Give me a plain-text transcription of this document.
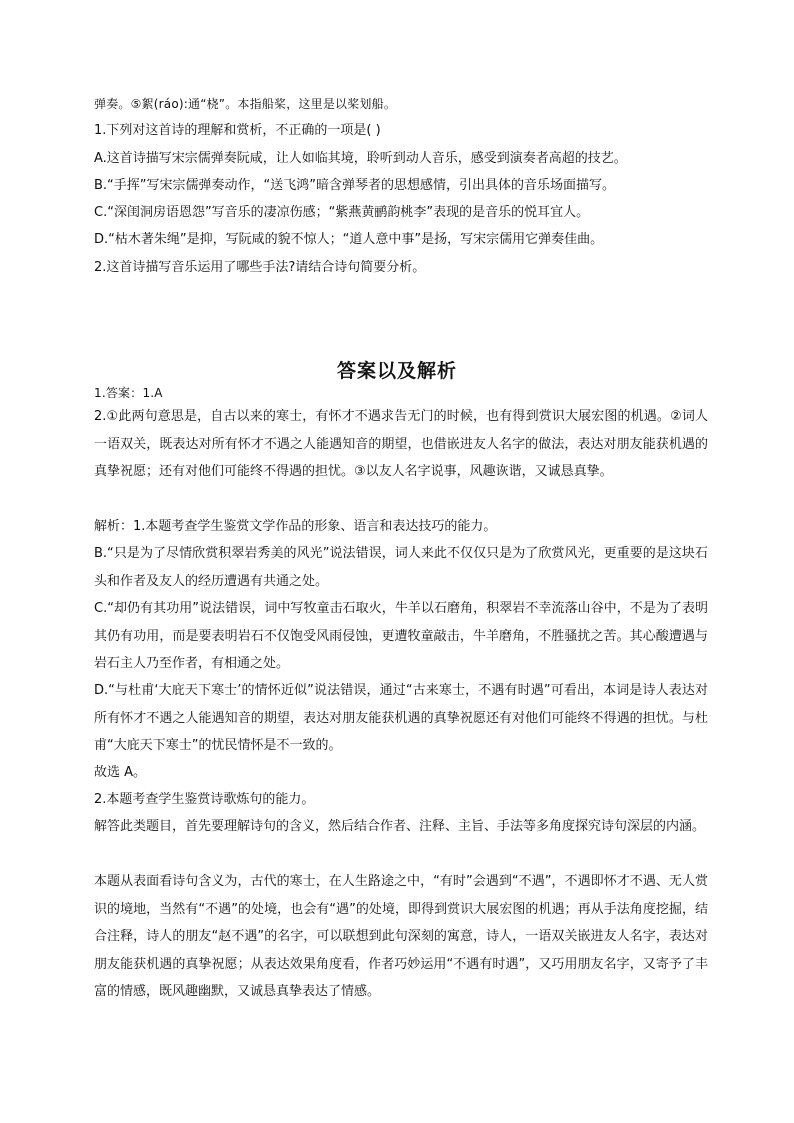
弹奏。⑤絮(ráo):通“桡”。本指船桨，这里是以桨划船。
1.下列对这首诗的理解和赏析，不正确的一项是( )
A.这首诗描写宋宗儒弹奏阮咸，让人如临其境，聆听到动人音乐，感受到演奏者高超的技艺。
B.“手挥”写宋宗儒弹奏动作，“送飞鸿”暗含弹琴者的思想感情，引出具体的音乐场面描写。
C.“深闺洞房语恩怨”写音乐的凄凉伤感；“紫燕黄鹂韵桃李”表现的是音乐的悦耳宜人。
D.“枯木著朱绳”是抑，写阮咸的貌不惊人；“道人意中事”是扬，写宋宗儒用它弹奏佳曲。
2.这首诗描写音乐运用了哪些手法?请结合诗句简要分析。
答案以及解析
1.答案：1.A
2.①此两句意思是，自古以来的寒士，有怀才不遇求告无门的时候，也有得到赏识大展宏图的机遇。②词人一语双关，既表达对所有怀才不遇之人能遇知音的期望，也借嵌进友人名字的做法，表达对朋友能获机遇的真挚祝愿；还有对他们可能终不得遇的担忧。③以友人名字说事，风趣诙谐，又诚恳真挚。
解析：1.本题考查学生鉴赏文学作品的形象、语言和表达技巧的能力。
B.“只是为了尽情欣赏积翠岩秀美的风光”说法错误，词人来此不仅仅只是为了欣赏风光，更重要的是这块石头和作者及友人的经历遭遇有共通之处。
C.“却仍有其功用”说法错误，词中写牧童击石取火，牛羊以石磨角，积翠岩不幸流落山谷中，不是为了表明其仍有功用，而是要表明岩石不仅饱受风雨侵蚀，更遭牧童敲击，牛羊磨角，不胜骚扰之苦。其心酸遭遇与岩石主人乃至作者，有相通之处。
D.“与杜甫‘大庇天下寒士’的情怀近似”说法错误，通过“古来寒士，不遇有时遇”可看出，本词是诗人表达对所有怀才不遇之人能遇知音的期望，表达对朋友能获机遇的真挚祝愿还有对他们可能终不得遇的担忧。与杜甫“大庇天下寒士”的忧民情怀是不一致的。
故选 A。
2.本题考查学生鉴赏诗歌炼句的能力。
解答此类题目，首先要理解诗句的含义，然后结合作者、注释、主旨、手法等多角度探究诗句深层的内涵。
本题从表面看诗句含义为，古代的寒士，在人生路途之中，“有时”会遇到“不遇”，不遇即怀才不遇、无人赏识的境地，当然有“不遇”的处境，也会有“遇”的处境，即得到赏识大展宏图的机遇；再从手法角度挖掘，结合注释，诗人的朋友“赵不遇”的名字，可以联想到此句深刻的寓意，诗人，一语双关嵌进友人名字，表达对朋友能获机遇的真挚祝愿；从表达效果角度看，作者巧妙运用“不遇有时遇”，又巧用朋友名字，又寄予了丰富的情感，既风趣幽默，又诚恳真挚表达了情感。
